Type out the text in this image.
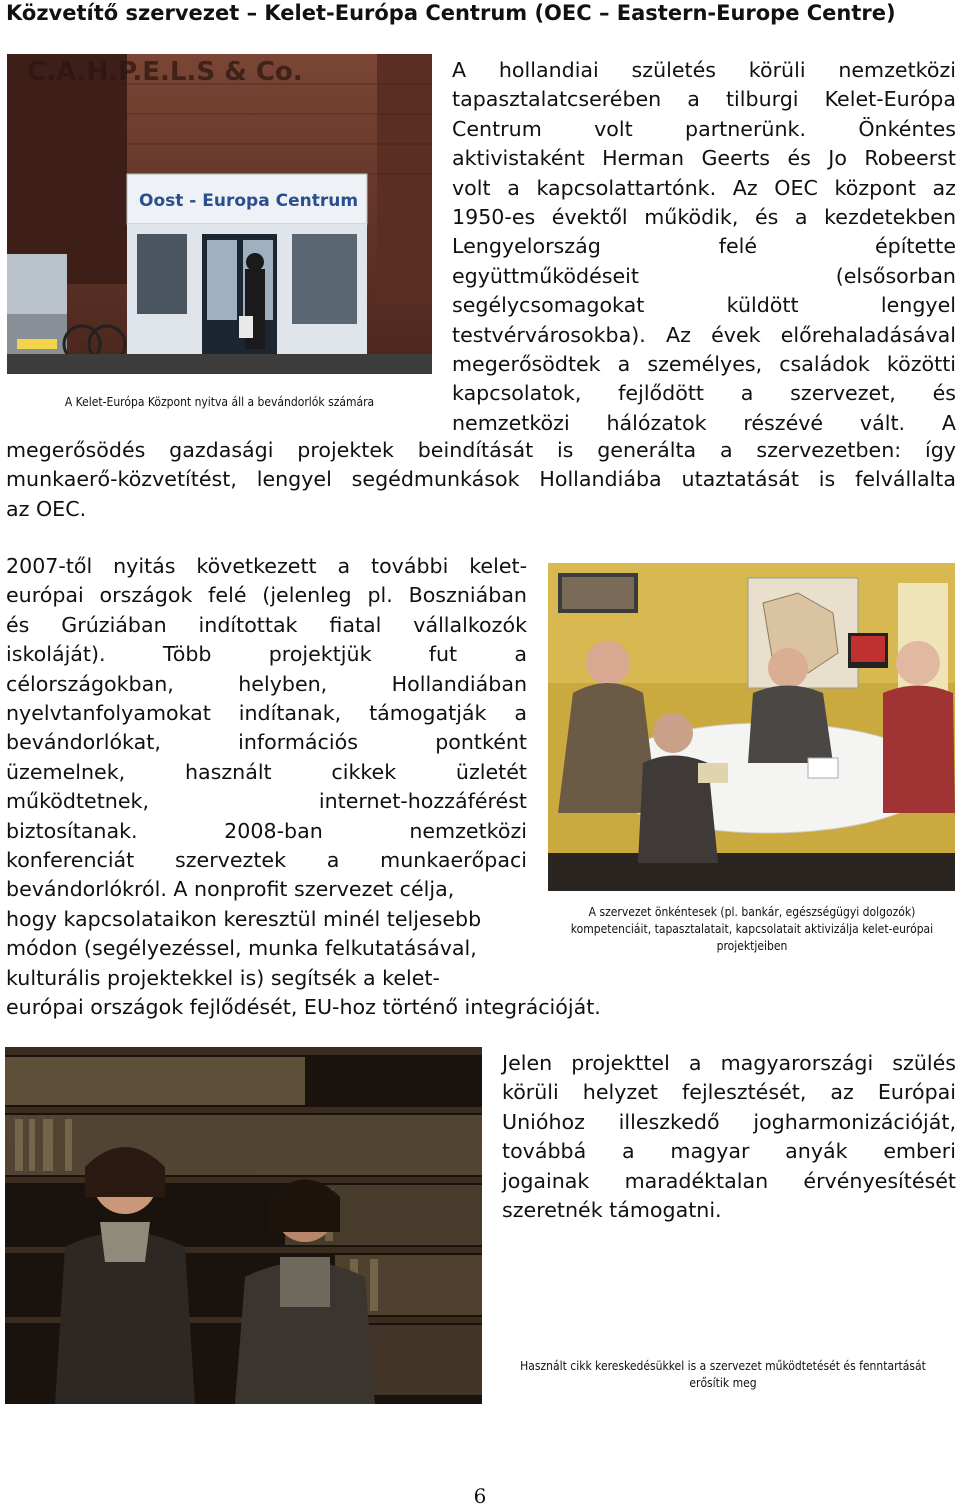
Közvetítő szervezet – Kelet-Európa Centrum (OEC – Eastern-Europe Centre)
C.A.H.P.E.L.S & Co.
Oost - Europa Centrum
A Kelet-Európa Központ nyitva áll a bevándorlók számára
A hollandiai születés körüli nemzetközi
tapasztalatcserében a tilburgi Kelet-Európa
Centrum volt partnerünk. Önkéntes
aktivistaként Herman Geerts és Jo Robeerst
volt a kapcsolattartónk. Az OEC központ az
1950-es évektől működik, és a kezdetekben
Lengyelország felé építette
együttműködéseit (elsősorban
segélycsomagokat küldött lengyel
testvérvárosokba). Az évek előrehaladásával
megerősödtek a személyes, családok közötti
kapcsolatok, fejlődött a szervezet, és
nemzetközi hálózatok részévé vált. A
megerősödés gazdasági projektek beindítását is generálta a szervezetben: így
munkaerő-közvetítést, lengyel segédmunkások Hollandiába utaztatását is felvállalta
az OEC.
2007-től nyitás következett a további kelet-
európai országok felé (jelenleg pl. Boszniában
és Grúziában indítottak fiatal vállalkozók
iskoláját). Több projektjük fut a
célországokban, helyben, Hollandiában
nyelvtanfolyamokat indítanak, támogatják a
bevándorlókat, információs pontként
üzemelnek, használt cikkek üzletét
működtetnek, internet-hozzáférést
biztosítanak. 2008-ban nemzetközi
konferenciát szerveztek a munkaerőpaci
bevándorlókról. A nonprofit szervezet célja,
hogy kapcsolataikon keresztül minél teljesebb
módon (segélyezéssel, munka felkutatásával,
kulturális projektekkel is) segítsék a kelet-
európai országok fejlődését, EU-hoz történő integrációját.
A szervezet önkéntesek (pl. bankár, egészségügyi dolgozók) kompetenciáit, tapasztalatait, kapcsolatait aktivizálja kelet-európai projektjeiben
Jelen projekttel a magyarországi szülés
körüli helyzet fejlesztését, az Európai
Unióhoz illeszkedő jogharmonizációját,
továbbá a magyar anyák emberi
jogainak maradéktalan érvényesítését
szeretnék támogatni.
Használt cikk kereskedésükkel is a szervezet működtetését és fenntartását erősítik meg
6
